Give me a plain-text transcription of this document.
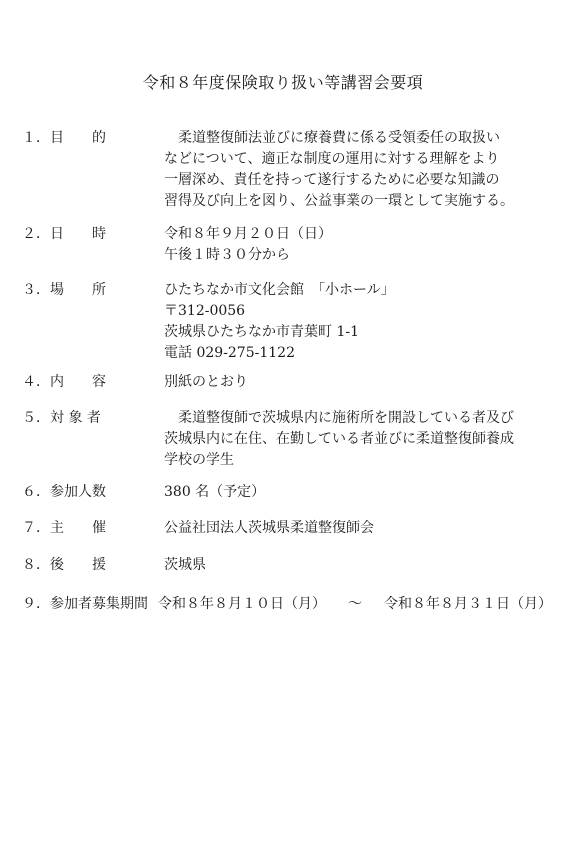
令和８年度保険取り扱い等講習会要項
１．目　　的	柔道整復師法並びに療養費に係る受領委任の取扱い
などについて、適正な制度の運用に対する理解をより
一層深め、責任を持って遂行するために必要な知識の
習得及び向上を図り、公益事業の一環として実施する。
２．日　　時	令和８年９月２０日（日）
午後１時３０分から
３．場　　所	ひたちなか市文化会館　「小ホール」
〒312-0056
茨城県ひたちなか市青葉町 1-1
電話 029-275-1122
４．内　　容	別紙のとおり
５．対 象 者	柔道整復師で茨城県内に施術所を開設している者及び
茨城県内に在住、在勤している者並びに柔道整復師養成
学校の学生
６．参加人数	380 名（予定）
７．主　　催	公益社団法人茨城県柔道整復師会
８．後　　援	茨城県
９．参加者募集期間 令和８年８月１０日（月） ～ 令和８年８月３１日（月）
